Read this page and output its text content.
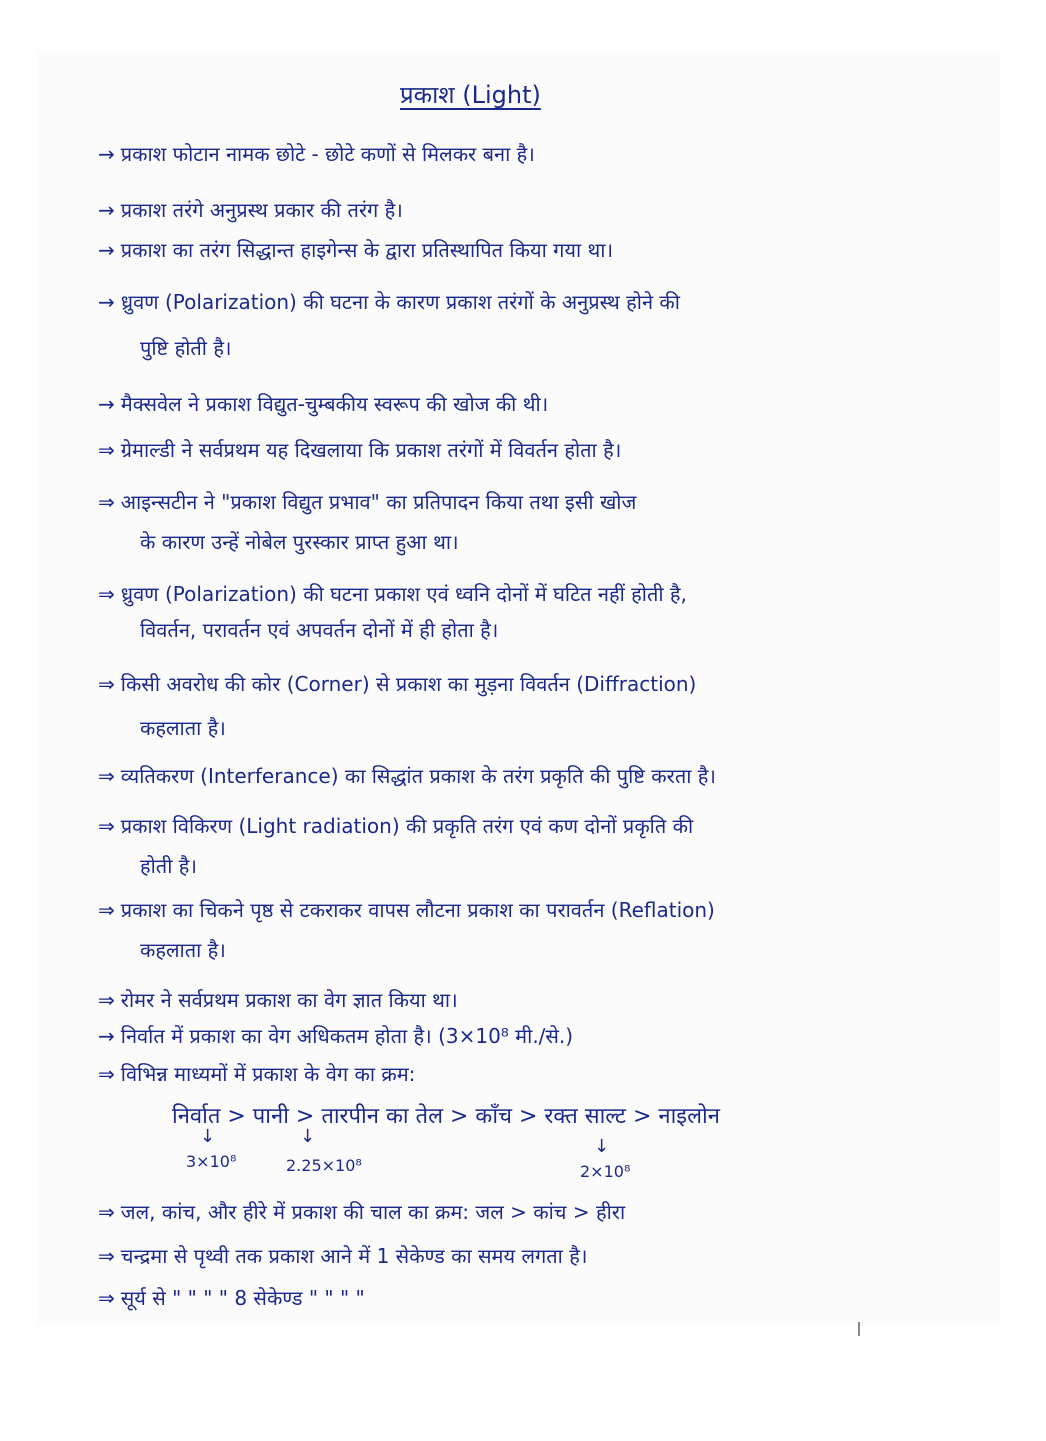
प्रकाश (Light)
→ प्रकाश फोटान नामक छोटे - छोटे कणों से मिलकर बना है।
→ प्रकाश तरंगे अनुप्रस्थ प्रकार की तरंग है।
→ प्रकाश का तरंग सिद्धान्त हाइगेन्स के द्वारा प्रतिस्थापित किया गया था।
→ ध्रुवण (Polarization) की घटना के कारण प्रकाश तरंगों के अनुप्रस्थ होने की
पुष्टि होती है।
→ मैक्सवेल ने प्रकाश विद्युत-चुम्बकीय स्वरूप की खोज की थी।
⇒ ग्रेमाल्डी ने सर्वप्रथम यह दिखलाया कि प्रकाश तरंगों में विवर्तन होता है।
⇒ आइन्सटीन ने "प्रकाश विद्युत प्रभाव" का प्रतिपादन किया तथा इसी खोज
के कारण उन्हें नोबेल पुरस्कार प्राप्त हुआ था।
⇒ ध्रुवण (Polarization) की घटना प्रकाश एवं ध्वनि दोनों में घटित नहीं होती है,
विवर्तन, परावर्तन एवं अपवर्तन दोनों में ही होता है।
⇒ किसी अवरोध की कोर (Corner) से प्रकाश का मुड़ना विवर्तन (Diffraction)
कहलाता है।
⇒ व्यतिकरण (Interferance) का सिद्धांत प्रकाश के तरंग प्रकृति की पुष्टि करता है।
⇒ प्रकाश विकिरण (Light radiation) की प्रकृति तरंग एवं कण दोनों प्रकृति की
होती है।
⇒ प्रकाश का चिकने पृष्ठ से टकराकर वापस लौटना प्रकाश का परावर्तन (Reflation)
कहलाता है।
⇒ रोमर ने सर्वप्रथम प्रकाश का वेग ज्ञात किया था।
→ निर्वात में प्रकाश का वेग अधिकतम होता है। (3×10⁸ मी./से.)
⇒ विभिन्न माध्यमों में प्रकाश के वेग का क्रम:
निर्वात > पानी > तारपीन का तेल > काँच > रक्त साल्ट > नाइलोन
↓	↓	↓
3×10⁸	2.25×10⁸	2×10⁸
⇒ जल, कांच, और हीरे में प्रकाश की चाल का क्रम: जल > कांच > हीरा
⇒ चन्द्रमा से पृथ्वी तक प्रकाश आने में 1 सेकेण्ड का समय लगता है।
⇒ सूर्य से " " " " 8 सेकेण्ड " " " "
